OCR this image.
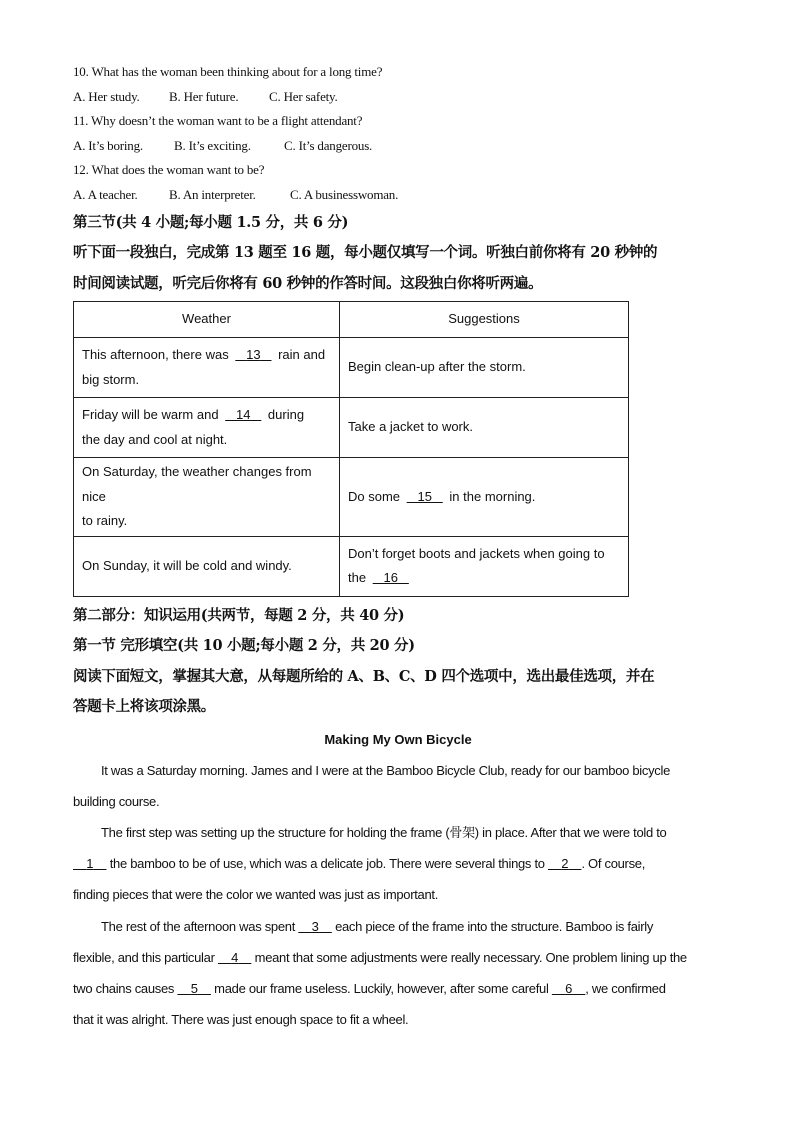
10. What has the woman been thinking about for a long time?
A. Her study. B. Her future. C. Her safety.
11. Why doesn’t the woman want to be a flight attendant?
A. It’s boring. B. It’s exciting.	C. It’s dangerous.
12. What does the woman want to be?
A. A teacher. B. An interpreter.	C. A businesswoman.
第三节(共 4 小题;每小题 1.5 分，共 6 分)
听下面一段独白，完成第 13 题至 16 题，每小题仅填写一个词。听独白前你将有 20 秒钟的
时间阅读试题，听完后你将有 60 秒钟的作答时间。这段独白你将听两遍。
Weather	Suggestions
This afternoon, there was    13    rain and
big storm.	Begin clean-up after the storm.
Friday will be warm and    14    during
the day and cool at night.	Take a jacket to work.
On Saturday, the weather changes from nice
to rainy.	Do some    15    in the morning.
On Sunday, it will be cold and windy.	Don’t forget boots and jackets when going to
the    16
第二部分：知识运用(共两节，每题 2 分，共 40 分)
第一节 完形填空(共 10 小题;每小题 2 分，共 20 分)
阅读下面短文，掌握其大意，从每题所给的 A、B、C、D 四个选项中，选出最佳选项，并在
答题卡上将该项涂黑。
Making My Own Bicycle

It was a Saturday morning. James and I were at the Bamboo Bicycle Club, ready for our bamboo bicycle

building course.

The first step was setting up the structure for holding the frame (骨架) in place. After that we were told to

1     the bamboo to be of use, which was a delicate job. There were several things to     2 . Of course,

finding pieces that were the color we wanted was just as important.

The rest of the afternoon was spent     3     each piece of the frame into the structure. Bamboo is fairly

flexible, and this particular     4     meant that some adjustments were really necessary. One problem lining up the

two chains causes     5     made our frame useless. Luckily, however, after some careful     6 , we confirmed

that it was alright. There was just enough space to fit a wheel.
